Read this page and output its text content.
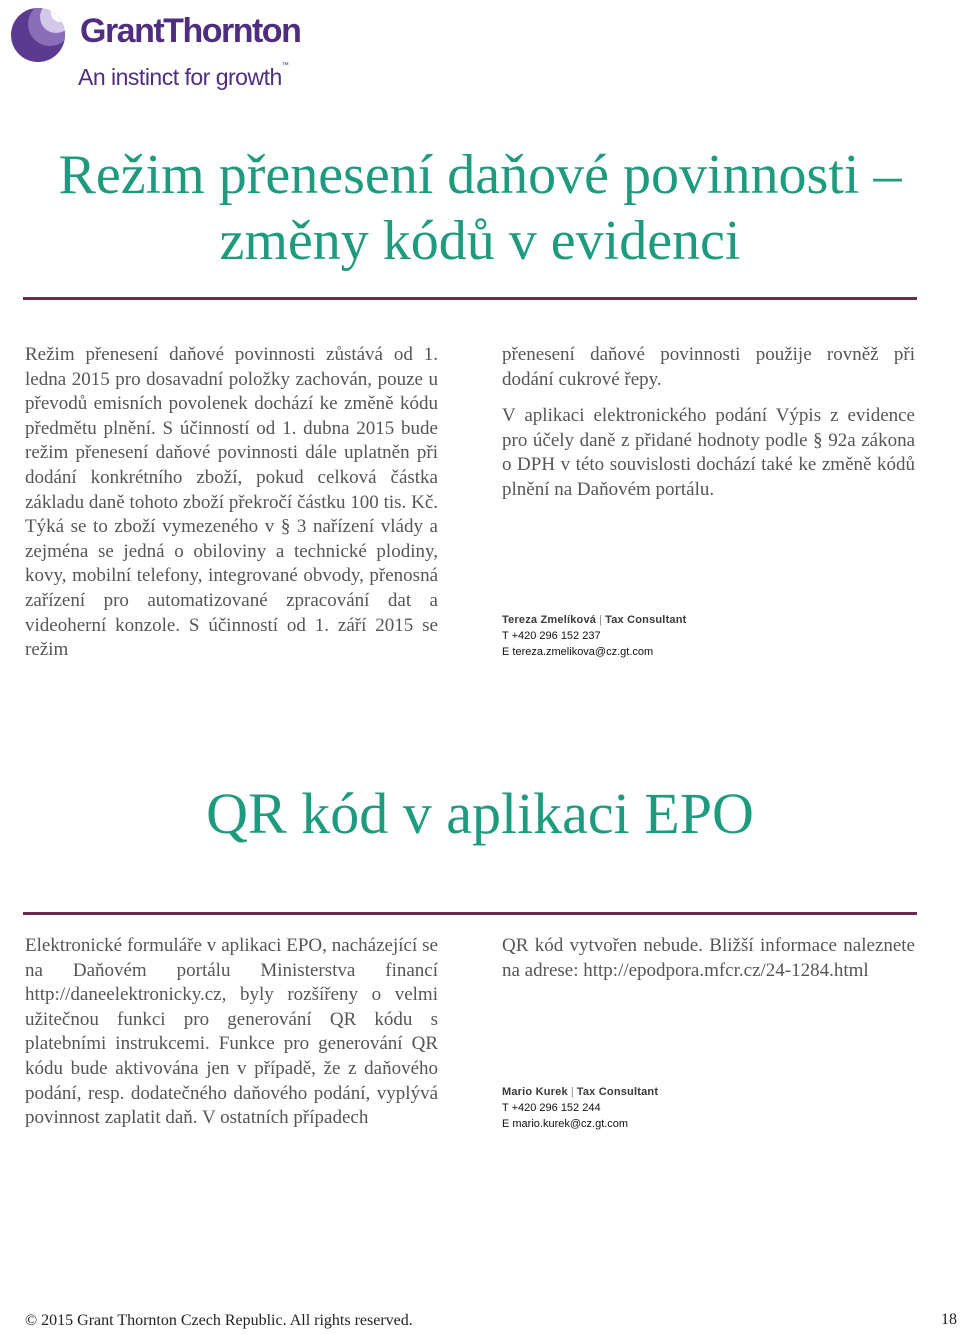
GrantThornton
An instinct for growth™
Režim přenesení daňové povinnosti –
změny kódů v evidenci

Režim přenesení daňové povinnosti zůstává od 1. ledna 2015 pro dosavadní položky zachován, pouze u převodů emisních povolenek dochází ke změně kódu předmětu plnění. S účinností od 1. dubna 2015 bude režim přenesení daňové povinnosti dále uplatněn při dodání konkrétního zboží, pokud celková částka základu daně tohoto zboží překročí částku 100 tis. Kč. Týká se to zboží vymezeného v § 3 nařízení vlády a zejména se jedná o obiloviny a technické plodiny, kovy, mobilní telefony, integrované obvody, přenosná zařízení pro automatizované zpracování dat a videoherní konzole. S účinností od 1. září 2015 se režim

přenesení daňové povinnosti použije rovněž při dodání cukrové řepy.

V aplikaci elektronického podání Výpis z evidence pro účely daně z přidané hodnoty podle § 92a zákona o DPH v této souvislosti dochází také ke změně kódů plnění na Daňovém portálu.

Tereza Zmelíková | Tax Consultant
T +420 296 152 237
E tereza.zmelikova@cz.gt.com
QR kód v aplikaci EPO

Elektronické formuláře v aplikaci EPO, nacházející se na Daňovém portálu Ministerstva financí http://daneelektronicky.cz, byly rozšířeny o velmi užitečnou funkci pro generování QR kódu s platebními instrukcemi. Funkce pro generování QR kódu bude aktivována jen v případě, že z daňového podání, resp. dodatečného daňového podání, vyplývá povinnost zaplatit daň. V ostatních případech

QR kód vytvořen nebude. Bližší informace naleznete na adrese: http://epodpora.mfcr.cz/24-1284.html

Mario Kurek | Tax Consultant
T +420 296 152 244
E mario.kurek@cz.gt.com
© 2015 Grant Thornton Czech Republic. All rights reserved.	18
